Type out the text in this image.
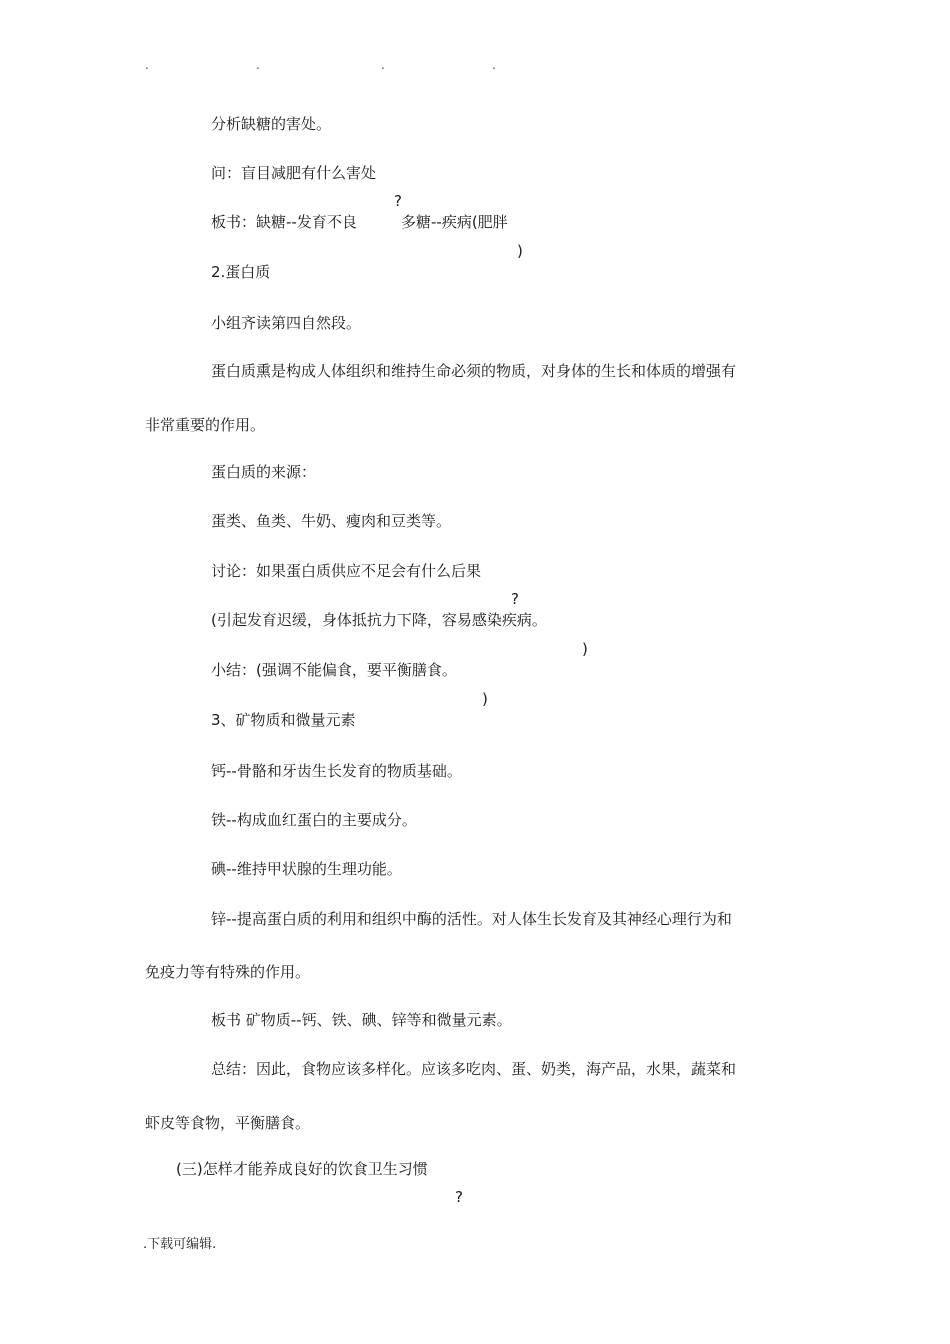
.	.	.	.
分析缺糖的害处。
问：盲目减肥有什么害处
?
板书：缺糖--发育不良	多糖--疾病(肥胖
)
2.蛋白质
小组齐读第四自然段。
蛋白质熏是构成人体组织和维持生命必须的物质，对身体的生长和体质的增强有
非常重要的作用。
蛋白质的来源：
蛋类、鱼类、牛奶、瘦肉和豆类等。
讨论：如果蛋白质供应不足会有什么后果
?
(引起发育迟缓，身体抵抗力下降，容易感染疾病。
)
小结：(强调不能偏食，要平衡膳食。
)
3、矿物质和微量元素
钙--骨骼和牙齿生长发育的物质基础。
铁--构成血红蛋白的主要成分。
碘--维持甲状腺的生理功能。
锌--提高蛋白质的利用和组织中酶的活性。对人体生长发育及其神经心理行为和
免疫力等有特殊的作用。
板书 矿物质--钙、铁、碘、锌等和微量元素。
总结：因此，食物应该多样化。应该多吃肉、蛋、奶类，海产品，水果，蔬菜和
虾皮等食物，平衡膳食。
(三)怎样才能养成良好的饮食卫生习惯
?
.下载可编辑.
